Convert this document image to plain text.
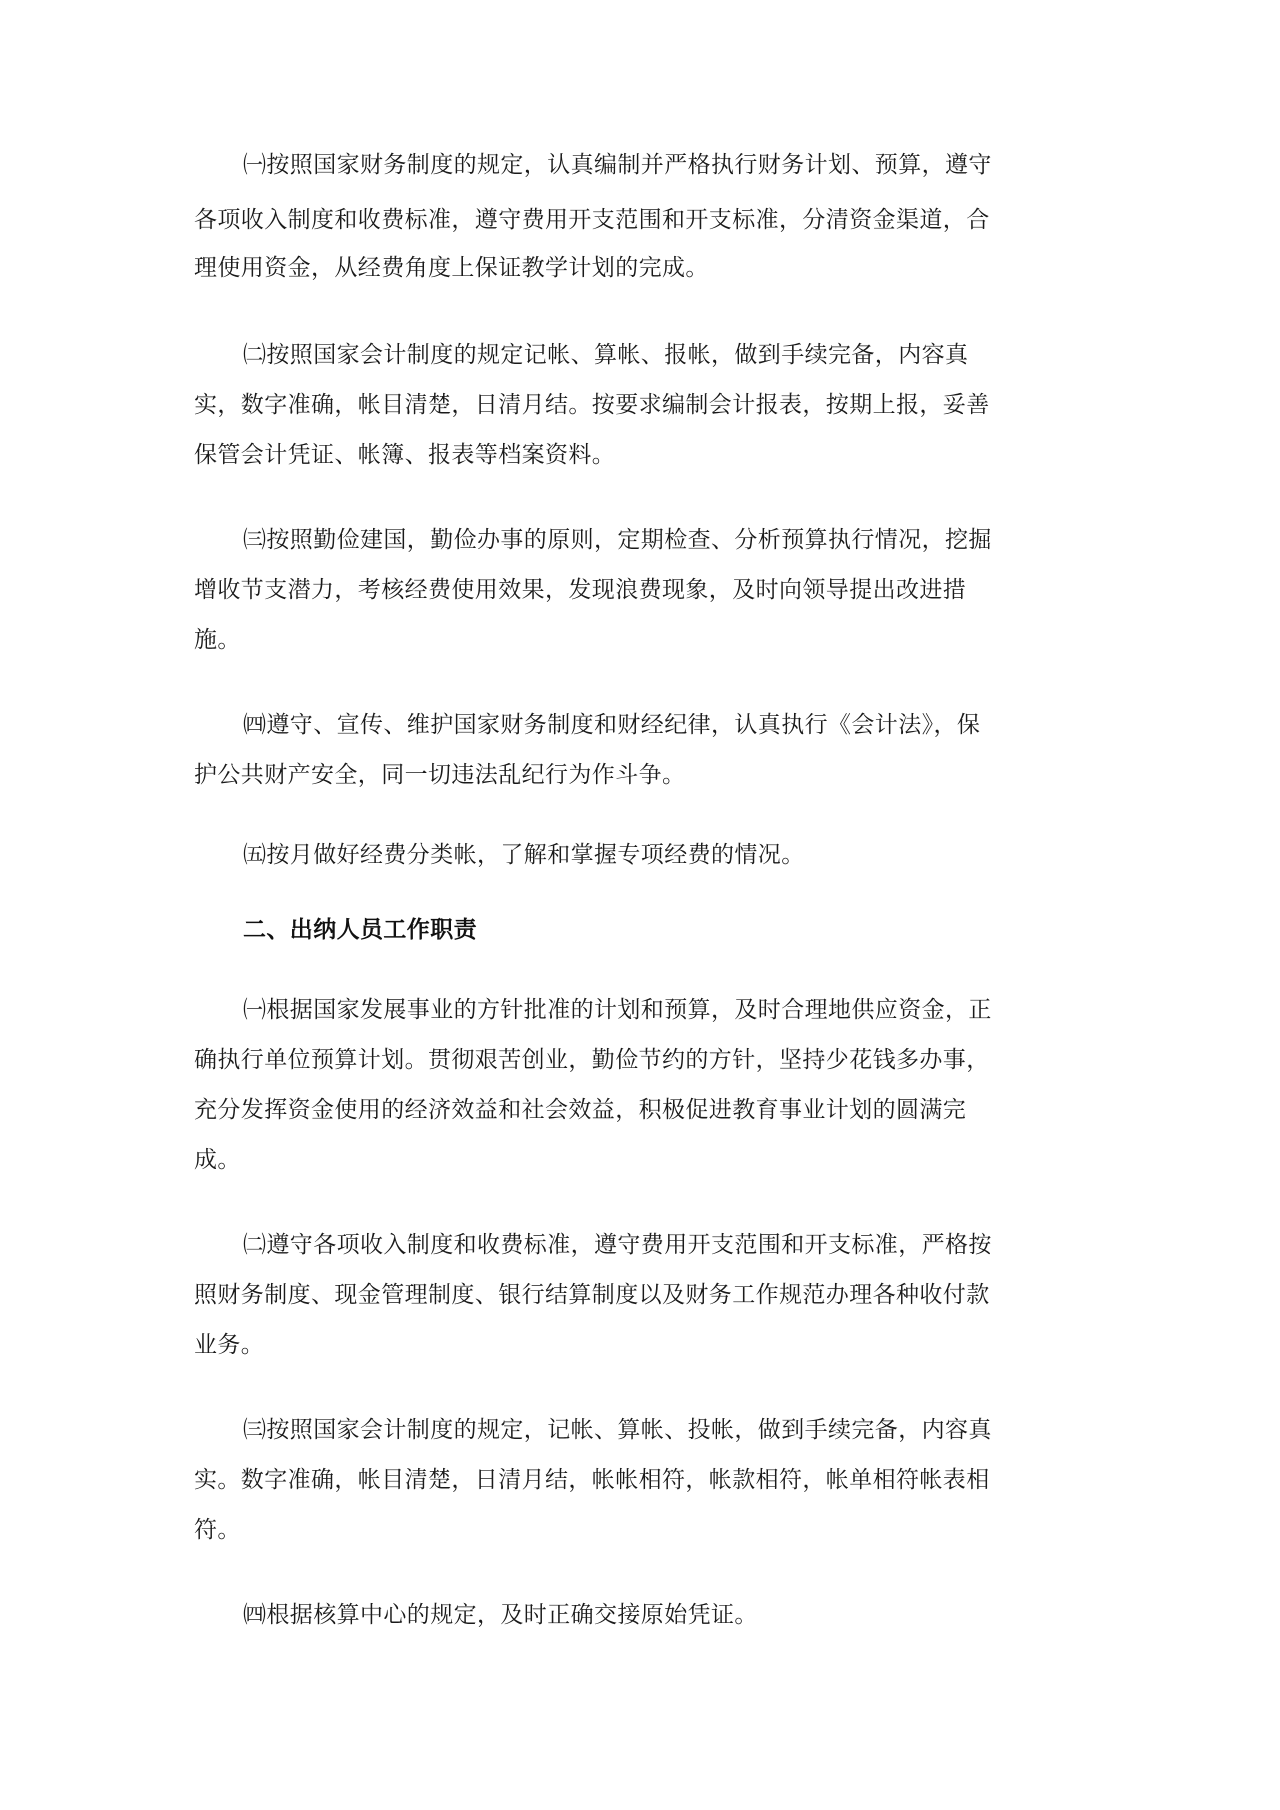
㈠按照国家财务制度的规定，认真编制并严格执行财务计划、预算，遵守
各项收入制度和收费标准，遵守费用开支范围和开支标准，分清资金渠道，合
理使用资金，从经费角度上保证教学计划的完成。
㈡按照国家会计制度的规定记帐、算帐、报帐，做到手续完备，内容真
实，数字准确，帐目清楚，日清月结。按要求编制会计报表，按期上报，妥善
保管会计凭证、帐簿、报表等档案资料。
㈢按照勤俭建国，勤俭办事的原则，定期检查、分析预算执行情况，挖掘
增收节支潜力，考核经费使用效果，发现浪费现象，及时向领导提出改进措
施。
㈣遵守、宣传、维护国家财务制度和财经纪律，认真执行《会计法》，保
护公共财产安全，同一切违法乱纪行为作斗争。
㈤按月做好经费分类帐，了解和掌握专项经费的情况。
二、出纳人员工作职责
㈠根据国家发展事业的方针批准的计划和预算，及时合理地供应资金，正
确执行单位预算计划。贯彻艰苦创业，勤俭节约的方针，坚持少花钱多办事，
充分发挥资金使用的经济效益和社会效益，积极促进教育事业计划的圆满完
成。
㈡遵守各项收入制度和收费标准，遵守费用开支范围和开支标准，严格按
照财务制度、现金管理制度、银行结算制度以及财务工作规范办理各种收付款
业务。
㈢按照国家会计制度的规定，记帐、算帐、投帐，做到手续完备，内容真
实。数字准确，帐目清楚，日清月结，帐帐相符，帐款相符，帐单相符帐表相
符。
㈣根据核算中心的规定，及时正确交接原始凭证。
